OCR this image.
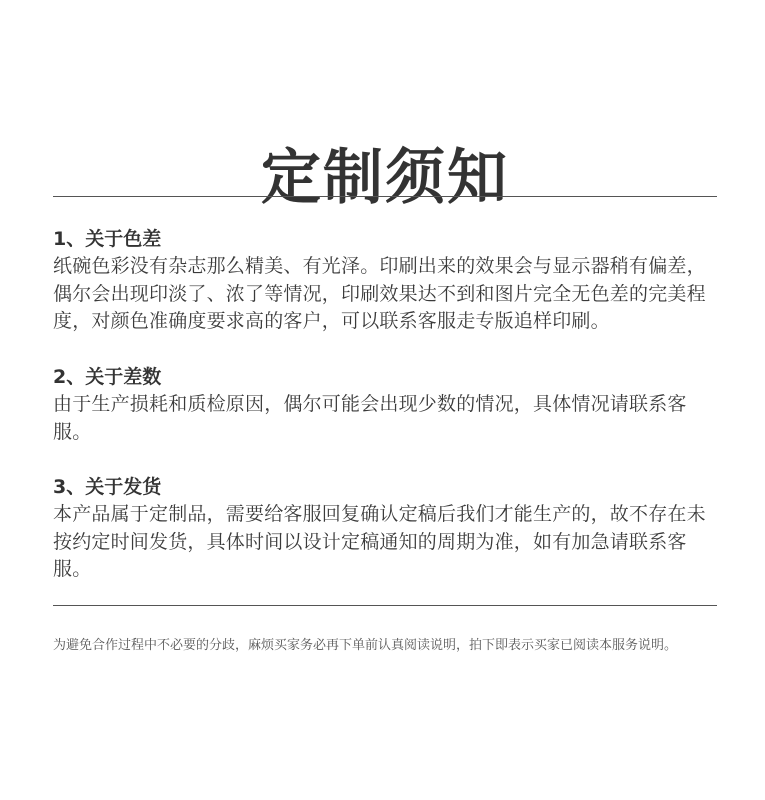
定制须知

1、关于色差

纸碗色彩没有杂志那么精美、有光泽。印刷出来的效果会与显示器稍有偏差，偶尔会出现印淡了、浓了等情况，印刷效果达不到和图片完全无色差的完美程度，对颜色准确度要求高的客户，可以联系客服走专版追样印刷。

2、关于差数

由于生产损耗和质检原因，偶尔可能会出现少数的情况，具体情况请联系客服。

3、关于发货

本产品属于定制品，需要给客服回复确认定稿后我们才能生产的，故不存在未按约定时间发货，具体时间以设计定稿通知的周期为准，如有加急请联系客服。

为避免合作过程中不必要的分歧，麻烦买家务必再下单前认真阅读说明，拍下即表示买家已阅读本服务说明。
